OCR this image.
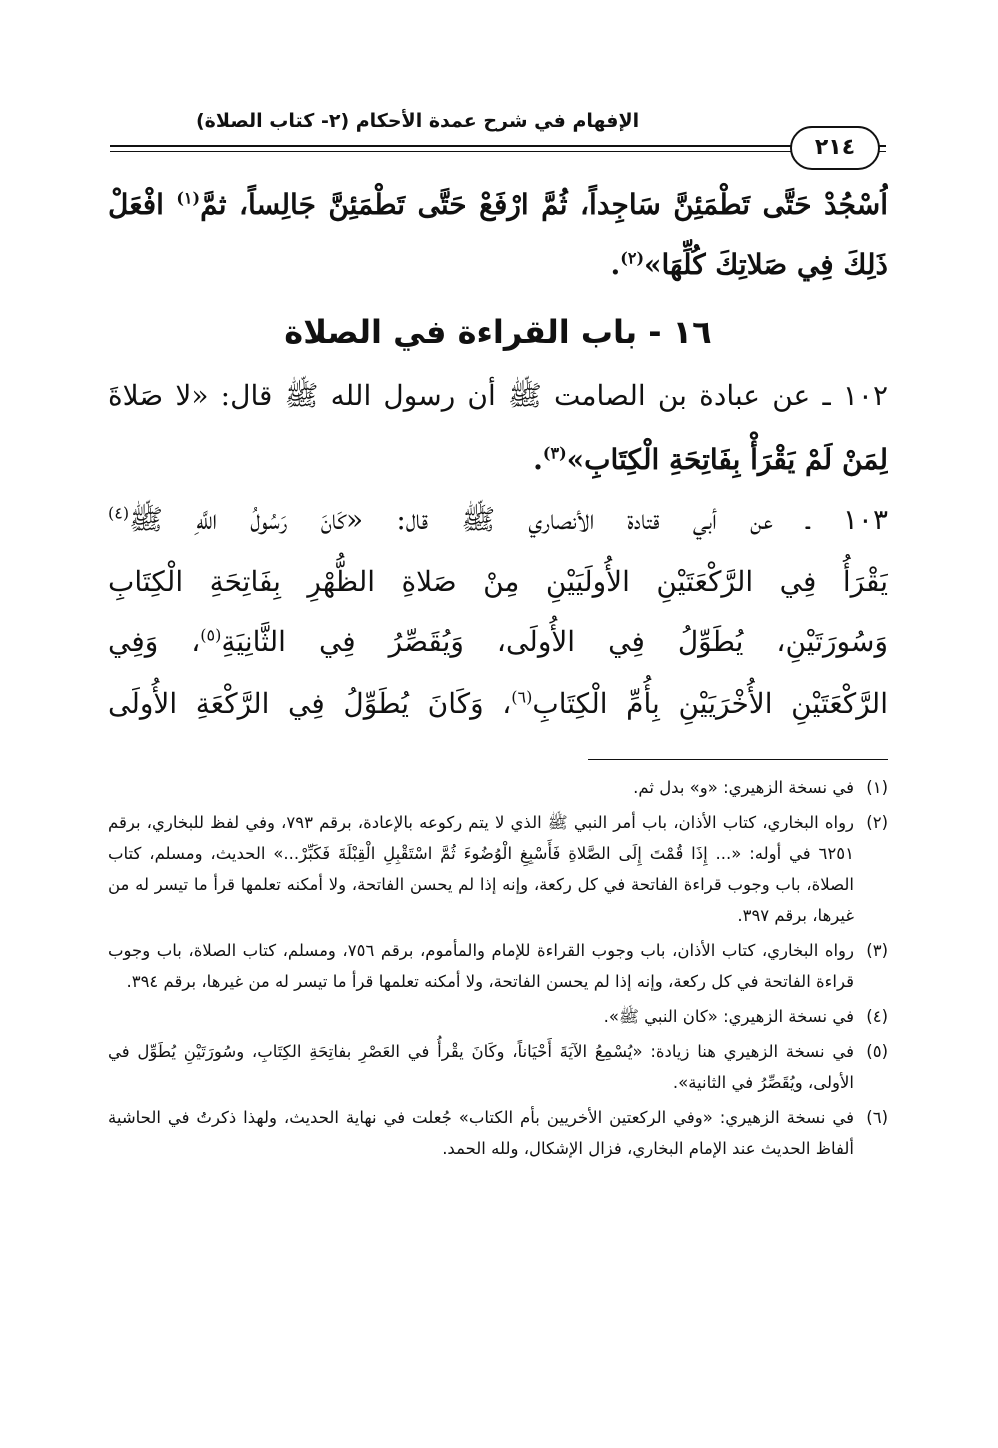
الإفهام في شرح عمدة الأحكام (٢- كتاب الصلاة)
٢١٤
اُسْجُدْ حَتَّى تَطْمَئِنَّ سَاجِداً، ثُمَّ ارْفَعْ حَتَّى تَطْمَئِنَّ جَالِساً، ثمَّ$^{(١)}$ افْعَلْ
ذَلِكَ فِي صَلاتِكَ كُلِّهَا»$^{(٢)}$.
١٦ - باب القراءة في الصلاة
١٠٢ ـ عن عبادة بن الصامت ﷺ أن رسول الله ﷺ قال: «لا صَلاةَ
لِمَنْ لَمْ يَقْرَأْ بِفَاتِحَةِ الْكِتَابِ»$^{(٣)}$.
١٠٣ ـ عن أبي قتادة الأنصاري ﷺ قال: «كَانَ رَسُولُ اللَّهِ ﷺ$^{(٤)}$
يَقْرَأُ فِي الرَّكْعَتَيْنِ الأُولَيَيْنِ مِنْ صَلاةِ الظُّهْرِ بِفَاتِحَةِ الْكِتَابِ
وَسُورَتَيْنِ، يُطَوِّلُ فِي الأُولَى، وَيُقَصِّرُ فِي الثَّانِيَةِ$^{(٥)}$، وَفِي
الرَّكْعَتَيْنِ الأُخْرَيَيْنِ بِأُمِّ الْكِتَابِ$^{(٦)}$، وَكَانَ يُطَوِّلُ فِي الرَّكْعَةِ الأُولَى
(١)
في نسخة الزهيري: «و» بدل ثم.
(٢)
رواه البخاري، كتاب الأذان، باب أمر النبي ﷺ الذي لا يتم ركوعه بالإعادة، برقم ٧٩٣، وفي لفظ للبخاري، برقم ٦٢٥١ في أوله: «... إِذَا قُمْتَ إِلَى الصَّلاةِ فَأَسْبِغِ الْوُضُوءَ ثُمَّ اسْتَقْبِلِ الْقِبْلَةَ فَكَبِّرْ...» الحديث، ومسلم، كتاب الصلاة، باب وجوب قراءة الفاتحة في كل ركعة، وإنه إذا لم يحسن الفاتحة، ولا أمكنه تعلمها قرأ ما تيسر له من غيرها، برقم ٣٩٧.
(٣)
رواه البخاري، كتاب الأذان، باب وجوب القراءة للإمام والمأموم، برقم ٧٥٦، ومسلم، كتاب الصلاة، باب وجوب قراءة الفاتحة في كل ركعة، وإنه إذا لم يحسن الفاتحة، ولا أمكنه تعلمها قرأ ما تيسر له من غيرها، برقم ٣٩٤.
(٤)
في نسخة الزهيري: «كان النبي ﷺ».
(٥)
في نسخة الزهيري هنا زيادة: «يُسْمِعُ الآيَةَ أَحْيَاناً، وكَانَ يقْرأُ في العَصْرِ بفاتِحَةِ الكِتَابِ، وسُورَتَيْنِ يُطَوِّل في الأولى، ويُقَصِّرُ في الثانية».
(٦)
في نسخة الزهيري: «وفي الركعتين الأخريين بأم الكتاب» جُعلت في نهاية الحديث، ولهذا ذكرتُ في الحاشية ألفاظ الحديث عند الإمام البخاري، فزال الإشكال، ولله الحمد.
